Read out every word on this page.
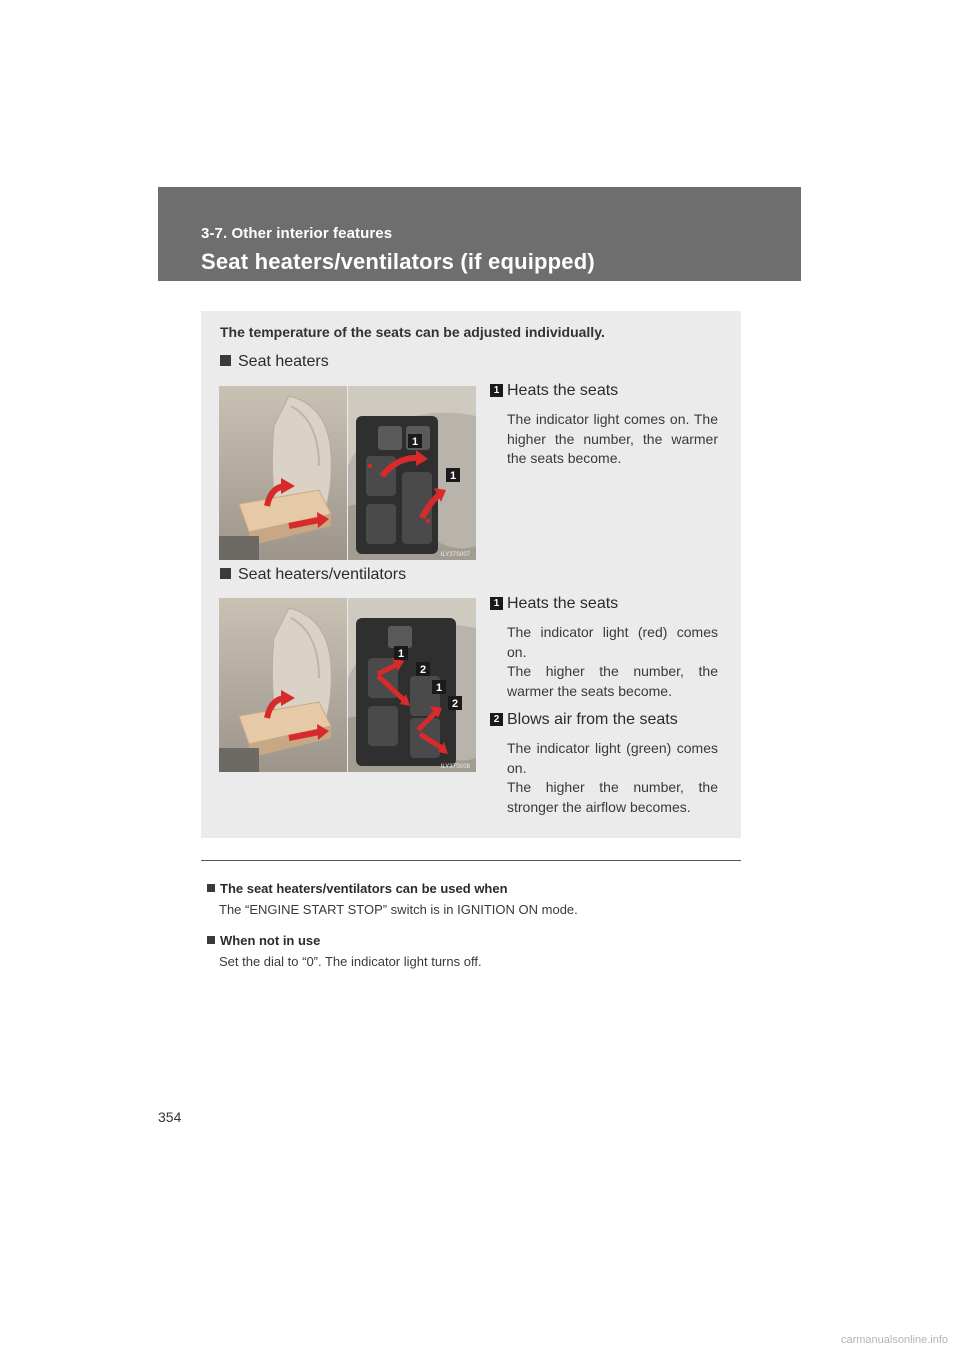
3-7. Other interior features
Seat heaters/ventilators (if equipped)
The temperature of the seats can be adjusted individually.
Seat heaters
1
1
ILY37S007
1 Heats the seats
The indicator light comes on. The higher the number, the warmer the seats become.
Seat heaters/ventilators
1
2
1
2
ILY37S008
1 Heats the seats
The indicator light (red) comes on.
The higher the number, the warmer the seats become.
2 Blows air from the seats
The indicator light (green) comes on.
The higher the number, the stronger the airflow becomes.
The seat heaters/ventilators can be used when
The “ENGINE START STOP” switch is in IGNITION ON mode.
When not in use
Set the dial to “0”. The indicator light turns off.
354
carmanualsonline.info
